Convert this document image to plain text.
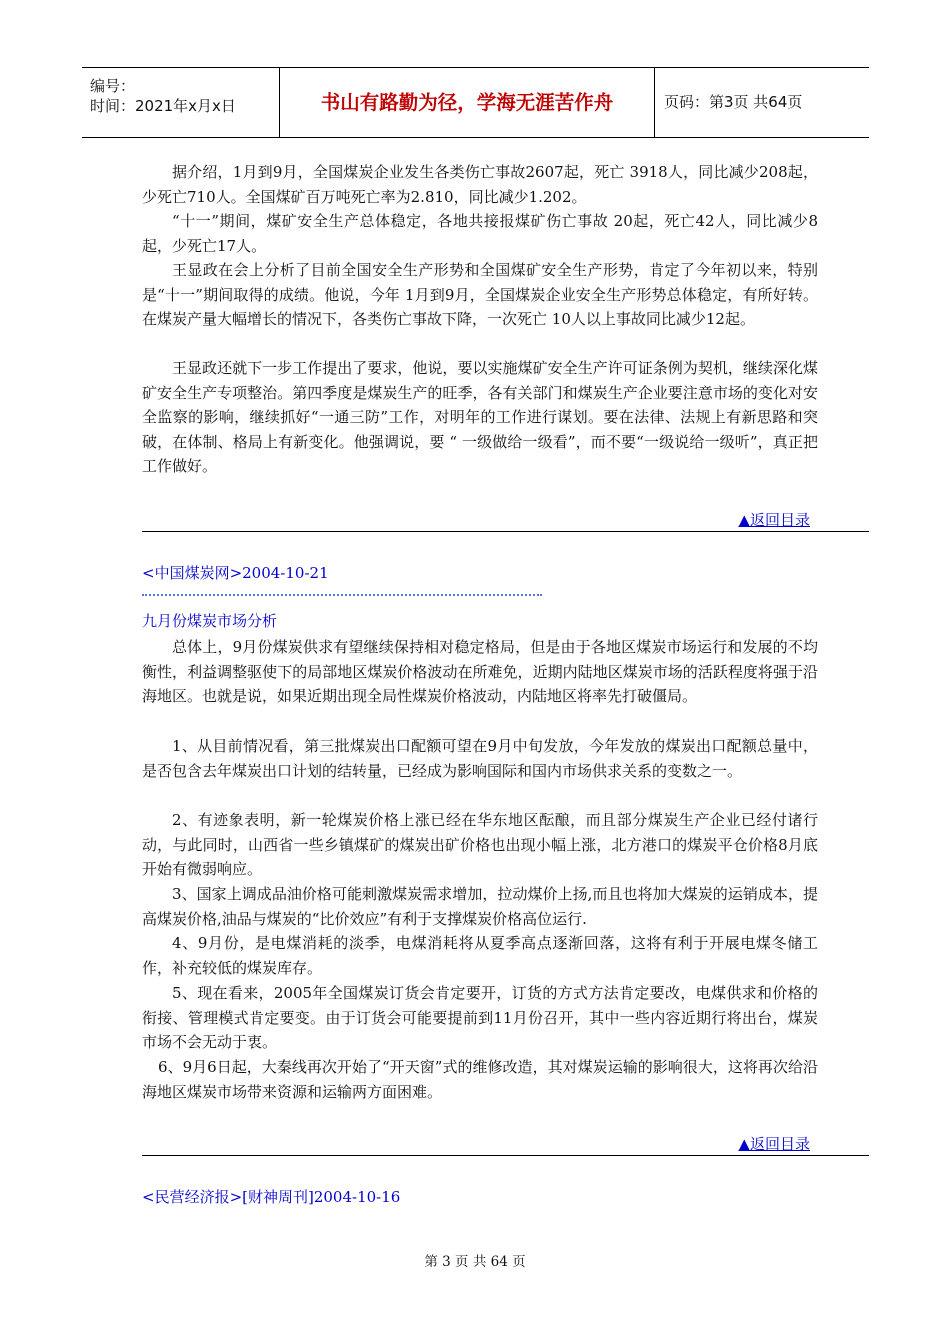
编号：
时间：2021年x月x日	书山有路勤为径，学海无涯苦作舟	页码：第3页 共64页

据介绍，1月到9月，全国煤炭企业发生各类伤亡事故2607起，死亡 3918人，同比减少208起，少死亡710人。全国煤矿百万吨死亡率为2.810，同比减少1.202。

“十一”期间，煤矿安全生产总体稳定，各地共接报煤矿伤亡事故 20起，死亡42人，同比减少8起，少死亡17人。

王显政在会上分析了目前全国安全生产形势和全国煤矿安全生产形势，肯定了今年初以来，特别是“十一”期间取得的成绩。他说，今年 1月到9月，全国煤炭企业安全生产形势总体稳定，有所好转。在煤炭产量大幅增长的情况下，各类伤亡事故下降，一次死亡 10人以上事故同比减少12起。

王显政还就下一步工作提出了要求，他说，要以实施煤矿安全生产许可证条例为契机，继续深化煤矿安全生产专项整治。第四季度是煤炭生产的旺季，各有关部门和煤炭生产企业要注意市场的变化对安全监察的影响，继续抓好“一通三防”工作，对明年的工作进行谋划。要在法律、法规上有新思路和突破，在体制、格局上有新变化。他强调说，要 “ 一级做给一级看”，而不要“一级说给一级听”，真正把工作做好。

▲返回目录
<中国煤炭网>2004-10-21
九月份煤炭市场分析

总体上，9月份煤炭供求有望继续保持相对稳定格局，但是由于各地区煤炭市场运行和发展的不均衡性，利益调整驱使下的局部地区煤炭价格波动在所难免，近期内陆地区煤炭市场的活跃程度将强于沿海地区。也就是说，如果近期出现全局性煤炭价格波动，内陆地区将率先打破僵局。

1、从目前情况看，第三批煤炭出口配额可望在9月中旬发放，今年发放的煤炭出口配额总量中，是否包含去年煤炭出口计划的结转量，已经成为影响国际和国内市场供求关系的变数之一。

2、有迹象表明，新一轮煤炭价格上涨已经在华东地区酝酿，而且部分煤炭生产企业已经付诸行动，与此同时，山西省一些乡镇煤矿的煤炭出矿价格也出现小幅上涨，北方港口的煤炭平仓价格8月底开始有微弱响应。

3、国家上调成品油价格可能刺激煤炭需求增加，拉动煤价上扬,而且也将加大煤炭的运销成本，提高煤炭价格,油品与煤炭的“比价效应”有利于支撑煤炭价格高位运行.

4、9月份，是电煤消耗的淡季，电煤消耗将从夏季高点逐渐回落，这将有利于开展电煤冬储工作，补充较低的煤炭库存。

5、现在看来，2005年全国煤炭订货会肯定要开，订货的方式方法肯定要改，电煤供求和价格的衔接、管理模式肯定要变。由于订货会可能要提前到11月份召开，其中一些内容近期行将出台，煤炭市场不会无动于衷。

6、9月6日起，大秦线再次开始了“开天窗”式的维修改造，其对煤炭运输的影响很大，这将再次给沿海地区煤炭市场带来资源和运输两方面困难。

▲返回目录
<民营经济报>[财神周刊]2004-10-16
第 3 页 共 64 页
